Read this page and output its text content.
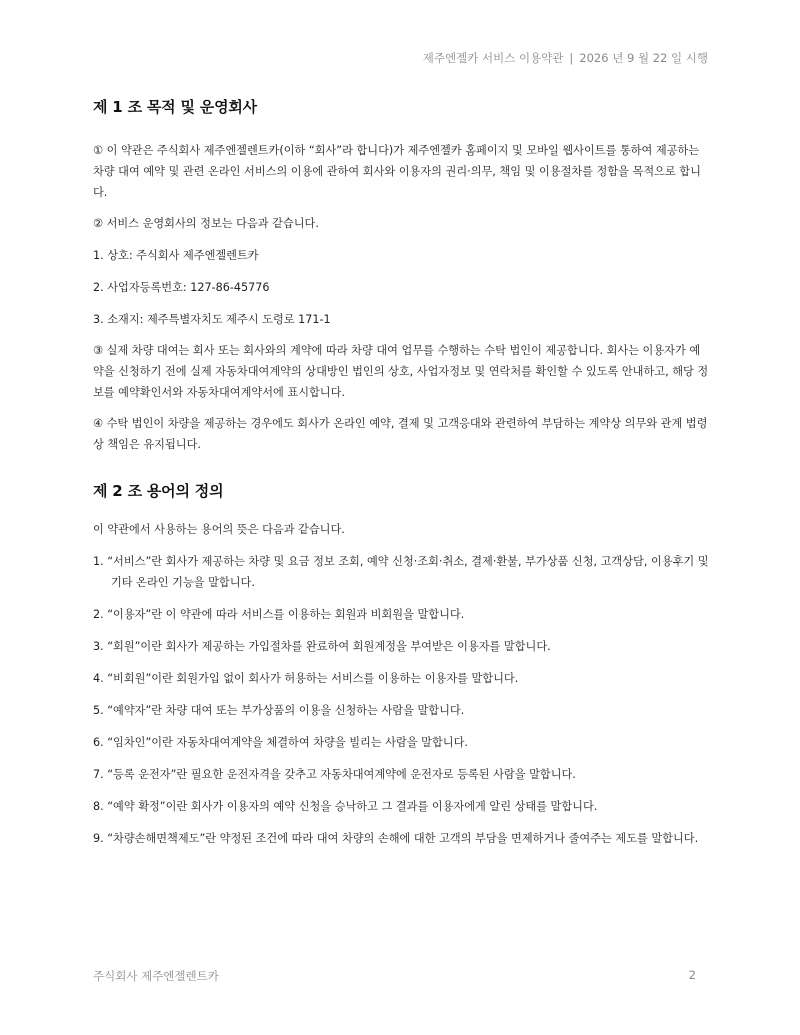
제주엔젤카 서비스 이용약관 | 2026 년 9 월 22 일 시행
제 1 조 목적 및 운영회사

① 이 약관은 주식회사 제주엔젤렌트카(이하 “회사”라 합니다)가 제주엔젤카 홈페이지 및 모바일 웹사이트를 통하여 제공하는 차량 대여 예약 및 관련 온라인 서비스의 이용에 관하여 회사와 이용자의 권리·의무, 책임 및 이용절차를 정함을 목적으로 합니다.

② 서비스 운영회사의 정보는 다음과 같습니다.

1. 상호: 주식회사 제주엔젤렌트카

2. 사업자등록번호: 127-86-45776

3. 소재지: 제주특별자치도 제주시 도령로 171-1

③ 실제 차량 대여는 회사 또는 회사와의 계약에 따라 차량 대여 업무를 수행하는 수탁 법인이 제공합니다. 회사는 이용자가 예약을 신청하기 전에 실제 자동차대여계약의 상대방인 법인의 상호, 사업자정보 및 연락처를 확인할 수 있도록 안내하고, 해당 정보를 예약확인서와 자동차대여계약서에 표시합니다.

④ 수탁 법인이 차량을 제공하는 경우에도 회사가 온라인 예약, 결제 및 고객응대와 관련하여 부담하는 계약상 의무와 관계 법령상 책임은 유지됩니다.

제 2 조 용어의 정의

이 약관에서 사용하는 용어의 뜻은 다음과 같습니다.

1. “서비스”란 회사가 제공하는 차량 및 요금 정보 조회, 예약 신청·조회·취소, 결제·환불, 부가상품 신청, 고객상담, 이용후기 및 기타 온라인 기능을 말합니다.
2. “이용자”란 이 약관에 따라 서비스를 이용하는 회원과 비회원을 말합니다.
3. “회원”이란 회사가 제공하는 가입절차를 완료하여 회원계정을 부여받은 이용자를 말합니다.
4. “비회원”이란 회원가입 없이 회사가 허용하는 서비스를 이용하는 이용자를 말합니다.
5. “예약자”란 차량 대여 또는 부가상품의 이용을 신청하는 사람을 말합니다.
6. “임차인”이란 자동차대여계약을 체결하여 차량을 빌리는 사람을 말합니다.
7. “등록 운전자”란 필요한 운전자격을 갖추고 자동차대여계약에 운전자로 등록된 사람을 말합니다.
8. “예약 확정”이란 회사가 이용자의 예약 신청을 승낙하고 그 결과를 이용자에게 알린 상태를 말합니다.
9. “차량손해면책제도”란 약정된 조건에 따라 대여 차량의 손해에 대한 고객의 부담을 면제하거나 줄여주는 제도를 말합니다.
주식회사 제주엔젤렌트카	2
